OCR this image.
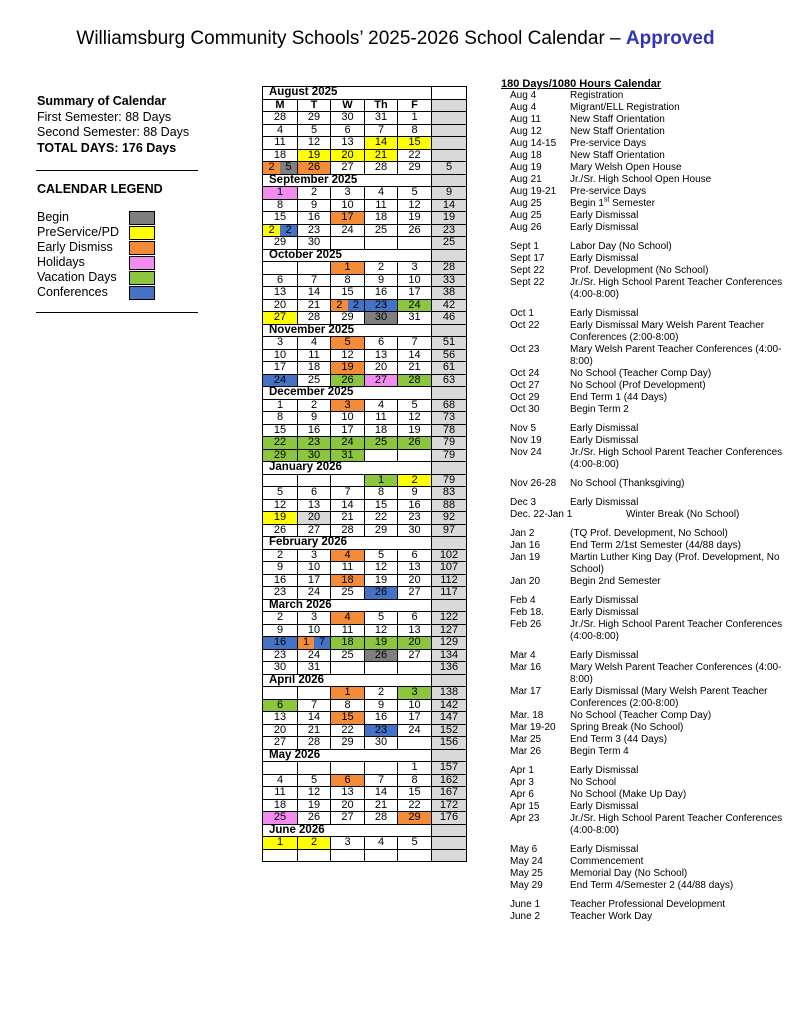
Williamsburg Community Schools’ 2025-2026 School Calendar – Approved
Summary of Calendar
First Semester: 88 Days
Second Semester: 88 Days
TOTAL DAYS: 176 Days
CALENDAR LEGEND
Begin
PreService/PD
Early Dismiss
Holidays
Vacation Days
Conferences
August 2025					
M	T	W	Th	F	
28	29	30	31	1	
4	5	6	7	8	
11	12	13	14	15	
18	19	20	21	22	

2 5	26	27	28	29	5
September 2025					
1	2	3	4	5	9
8	9	10	11	12	14
15	16	17	18	19	19

2 2	23	24	25	26	23
29	30				25
October 2025					
		1	2	3	28
6	7	8	9	10	33
13	14	15	16	17	38
20	21	2 2	23	24	42
27	28	29	30	31	46
November 2025					
3	4	5	6	7	51
10	11	12	13	14	56
17	18	19	20	21	61
24	25	26	27	28	63
December 2025					
1	2	3	4	5	68
8	9	10	11	12	73
15	16	17	18	19	78
22	23	24	25	26	79
29	30	31			79
January 2026					
			1	2	79
5	6	7	8	9	83
12	13	14	15	16	88
19	20	21	22	23	92
26	27	28	29	30	97
February 2026					
2	3	4	5	6	102
9	10	11	12	13	107
16	17	18	19	20	112
23	24	25	26	27	117
March 2026					
2	3	4	5	6	122
9	10	11	12	13	127
16	1 7	18	19	20	129
23	24	25	26	27	134
30	31				136
April 2026					
		1	2	3	138
6	7	8	9	10	142
13	14	15	16	17	147
20	21	22	23	24	152
27	28	29	30		156
May 2026					
				1	157
4	5	6	7	8	162
11	12	13	14	15	167
18	19	20	21	22	172
25	26	27	28	29	176
June 2026					
1	2	3	4	5	

180 Days/1080 Hours Calendar
Aug 4	Registration
Aug 4	Migrant/ELL Registration
Aug 11	New Staff Orientation
Aug 12	New Staff Orientation
Aug 14-15 Pre-service Days
Aug 18	New Staff Orientation
Aug 19	Mary Welsh Open House
Aug 21	Jr./Sr. High School Open House
Aug 19-21 Pre-service Days
Aug 25	Begin 1st Semester
Aug 25	Early Dismissal
Aug 26	Early Dismissal
Sept 1	Labor Day (No School)
Sept 17	Early Dismissal
Sept 22	Prof. Development (No School)
Sept 22	Jr./Sr. High School Parent Teacher Conferences (4:00-8:00)
Oct 1	Early Dismissal
Oct 22	Early Dismissal Mary Welsh Parent Teacher Conferences (2:00-8:00)
Oct 23	Mary Welsh Parent Teacher Conferences (4:00-8:00)
Oct 24	No School (Teacher Comp Day)
Oct 27	No School (Prof Development)
Oct 29	End Term 1 (44 Days)
Oct 30	Begin Term 2
Nov 5	Early Dismissal
Nov 19	Early Dismissal
Nov 24	Jr./Sr. High School Parent Teacher Conferences (4:00-8:00)
Nov 26-28 No School (Thanksgiving)
Dec 3	Early Dismissal
Dec. 22-Jan 1	Winter Break (No School)
Jan 2	(TQ Prof. Development, No School)
Jan 16	End Term 2/1st Semester (44/88 days)
Jan 19	Martin Luther King Day (Prof. Development, No School)
Jan 20	Begin 2nd Semester
Feb 4	Early Dismissal
Feb 18.	Early Dismissal
Feb 26	Jr./Sr. High School Parent Teacher Conferences (4:00-8:00)
Mar 4	Early Dismissal
Mar 16	Mary Welsh Parent Teacher Conferences (4:00-8:00)
Mar 17	Early Dismissal (Mary Welsh Parent Teacher Conferences (2:00-8:00)
Mar. 18	No School (Teacher Comp Day)
Mar 19-20 Spring Break (No School)
Mar 25	End Term 3 (44 Days)
Mar 26	Begin Term 4
Apr 1	Early Dismissal
Apr 3	No School
Apr 6	No School (Make Up Day)
Apr 15	Early Dismissal
Apr 23	Jr./Sr. High School Parent Teacher Conferences (4:00-8:00)
May 6	Early Dismissal
May 24	Commencement
May 25	Memorial Day (No School)
May 29	End Term 4/Semester 2 (44/88 days)
June 1	Teacher Professional Development
June 2	Teacher Work Day
